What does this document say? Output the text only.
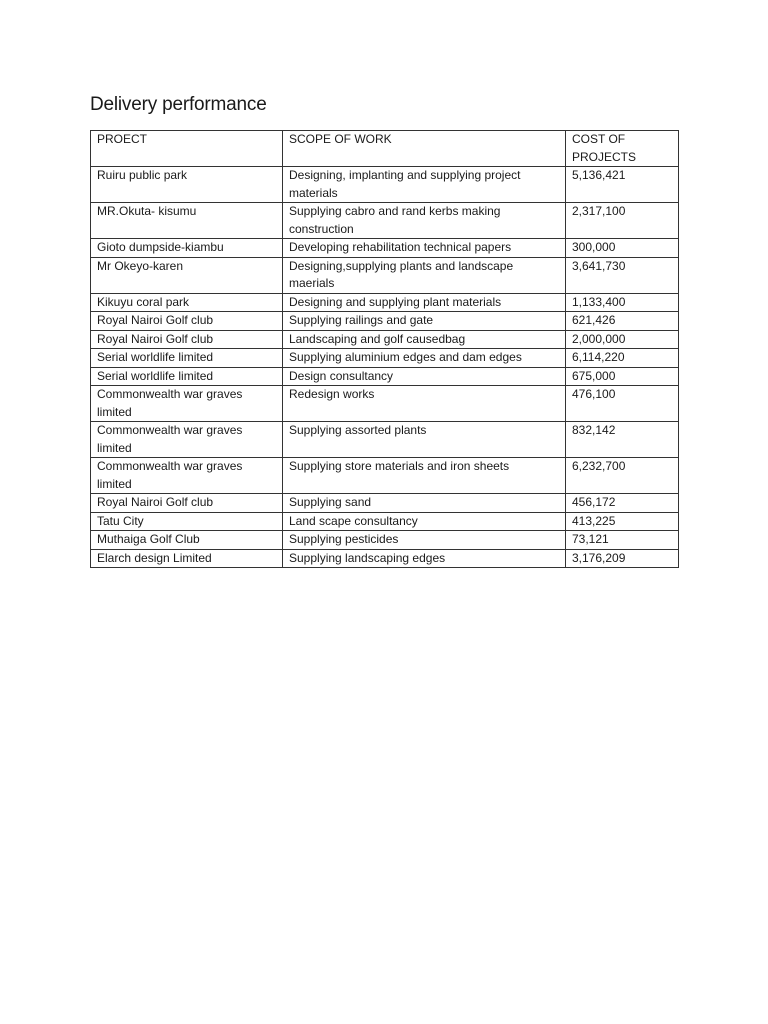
Delivery performance
PROECT	SCOPE OF WORK	COST OF PROJECTS
Ruiru public park	Designing, implanting and supplying project materials	5,136,421
MR.Okuta- kisumu	Supplying cabro and rand kerbs making construction	2,317,100
Gioto dumpside-kiambu	Developing rehabilitation technical papers	300,000
Mr Okeyo-karen	Designing,supplying plants and landscape maerials	3,641,730
Kikuyu coral park	Designing and supplying plant materials	1,133,400
Royal Nairoi Golf club	Supplying railings and gate	621,426
Royal Nairoi Golf club	Landscaping and golf causedbag	2,000,000
Serial worldlife limited	Supplying aluminium edges and dam edges	6,114,220
Serial worldlife limited	Design consultancy	675,000
Commonwealth war graves limited	Redesign works	476,100
Commonwealth war graves limited	Supplying assorted plants	832,142
Commonwealth war graves limited	Supplying store materials and iron sheets	6,232,700
Royal Nairoi Golf club	Supplying sand	456,172
Tatu City	Land scape consultancy	413,225
Muthaiga Golf Club	Supplying pesticides	73,121
Elarch design Limited	Supplying landscaping edges	3,176,209
